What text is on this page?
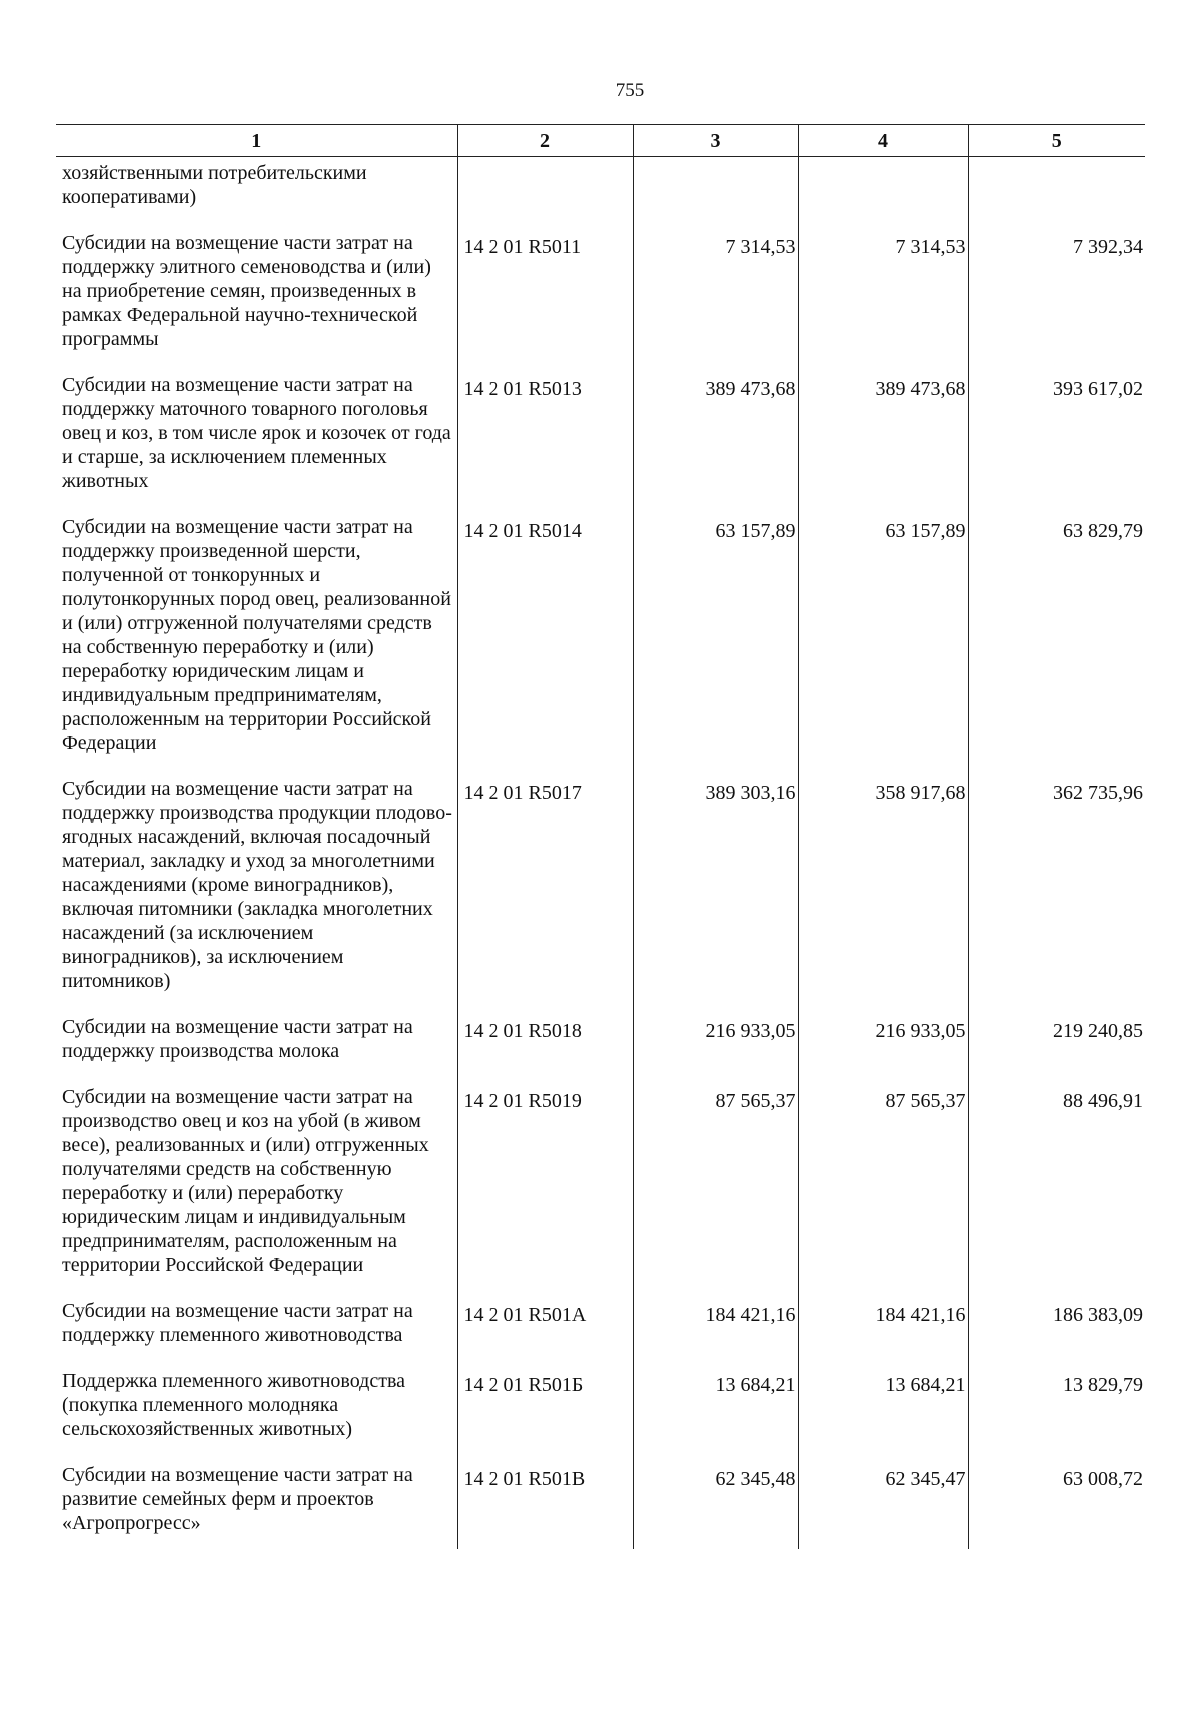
755
1	2	3	4	5
хозяйственными потребительскими кооперативами)				
Субсидии на возмещение части затрат на поддержку элитного семеноводства и (или) на приобретение семян, произведенных в рамках Федеральной научно-технической программы	14 2 01 R5011	7 314,53	7 314,53	7 392,34
Субсидии на возмещение части затрат на поддержку маточного товарного поголовья овец и коз, в том числе ярок и козочек от года и старше, за исключением племенных животных	14 2 01 R5013	389 473,68	389 473,68	393 617,02
Субсидии на возмещение части затрат на поддержку произведенной шерсти, полученной от тонкорунных и полутонкорунных пород овец, реализованной и (или) отгруженной получателями средств на собственную переработку и (или) переработку юридическим лицам и индивидуальным предпринимателям, расположенным на территории Российской Федерации	14 2 01 R5014	63 157,89	63 157,89	63 829,79
Субсидии на возмещение части затрат на поддержку производства продукции плодово-ягодных насаждений, включая посадочный материал, закладку и уход за многолетними насаждениями (кроме виноградников), включая питомники (закладка многолетних насаждений (за исключением виноградников), за исключением питомников)	14 2 01 R5017	389 303,16	358 917,68	362 735,96
Субсидии на возмещение части затрат на поддержку производства молока	14 2 01 R5018	216 933,05	216 933,05	219 240,85
Субсидии на возмещение части затрат на производство овец и коз на убой (в живом весе), реализованных и (или) отгруженных получателями средств на собственную переработку и (или) переработку юридическим лицам и индивидуальным предпринимателям, расположенным на территории Российской Федерации	14 2 01 R5019	87 565,37	87 565,37	88 496,91
Субсидии на возмещение части затрат на поддержку племенного животноводства	14 2 01 R501А	184 421,16	184 421,16	186 383,09
Поддержка племенного животноводства (покупка племенного молодняка сельскохозяйственных животных)	14 2 01 R501Б	13 684,21	13 684,21	13 829,79
Субсидии на возмещение части затрат на развитие семейных ферм и проектов «Агропрогресс»	14 2 01 R501В	62 345,48	62 345,47	63 008,72
